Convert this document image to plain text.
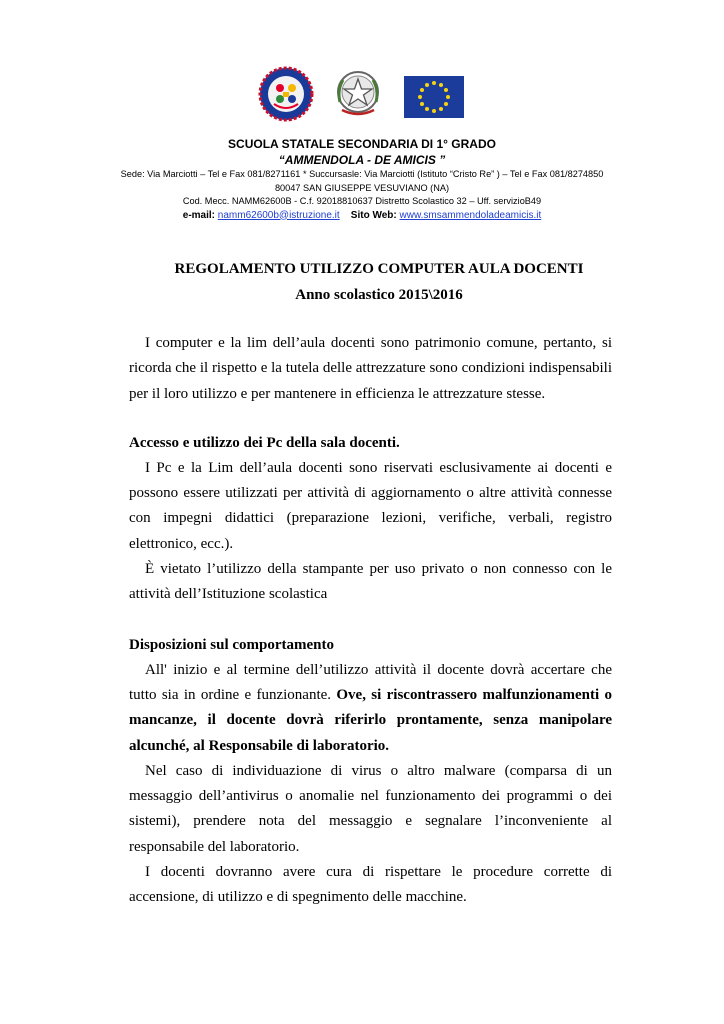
SCUOLA STATALE SECONDARIA DI 1° GRADO
“AMMENDOLA - DE AMICIS ”
Sede: Via Marciotti – Tel e Fax 081/8271161 * Succursasle: Via Marciotti (Istituto “Cristo Re” ) – Tel e Fax 081/8274850
80047 SAN GIUSEPPE VESUVIANO (NA)
Cod. Mecc. NAMM62600B - C.f. 92018810637 Distretto Scolastico 32 – Uff. servizioB49
e-mail: namm62600b@istruzione.it Sito Web: www.smsammendoladeamicis.it
REGOLAMENTO UTILIZZO COMPUTER AULA DOCENTI
Anno scolastico 2015\2016

I computer e la lim dell’aula docenti sono patrimonio comune, pertanto, si ricorda che il rispetto e la tutela delle attrezzature sono condizioni indispensabili per il loro utilizzo e per mantenere in efficienza le attrezzature stesse.

Accesso e utilizzo dei Pc della sala docenti.

I Pc e la Lim dell’aula docenti sono riservati esclusivamente ai docenti e possono essere utilizzati per attività di aggiornamento o altre attività connesse con impegni didattici (preparazione lezioni, verifiche, verbali, registro elettronico, ecc.).

È vietato l’utilizzo della stampante per uso privato o non connesso con le attività dell’Istituzione scolastica

Disposizioni sul comportamento

All' inizio e al termine dell’utilizzo attività il docente dovrà accertare che tutto sia in ordine e funzionante. Ove, si riscontrassero malfunzionamenti o mancanze, il docente dovrà riferirlo prontamente, senza manipolare alcunché, al Responsabile di laboratorio.

Nel caso di individuazione di virus o altro malware (comparsa di un messaggio dell’antivirus o anomalie nel funzionamento dei programmi o dei sistemi), prendere nota del messaggio e segnalare l’inconveniente al responsabile del laboratorio.

I docenti dovranno avere cura di rispettare le procedure corrette di accensione, di utilizzo e di spegnimento delle macchine.
